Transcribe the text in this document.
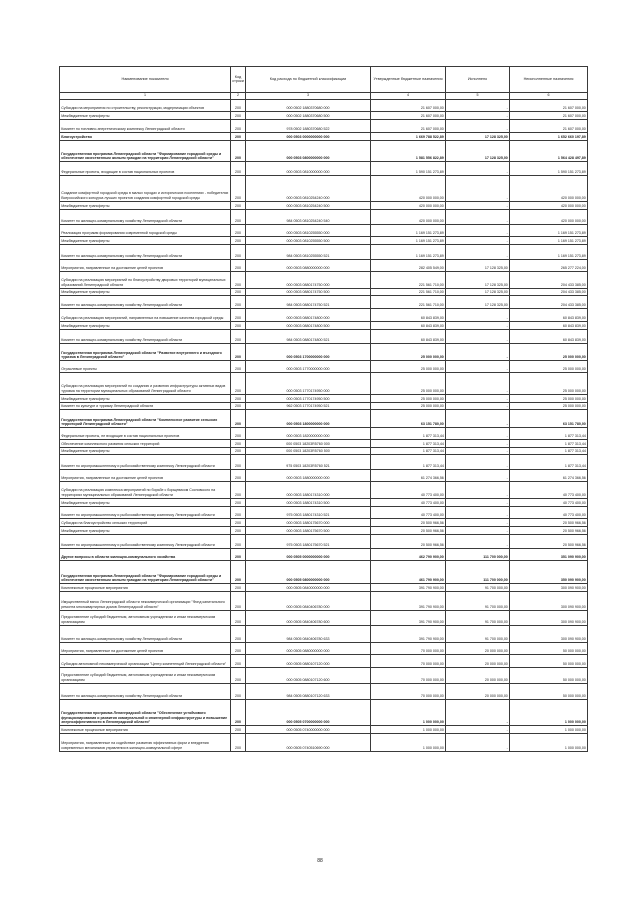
Наименование показателя	Код строки	Код расхода по бюджетной классификации	Утвержденные бюджетные назначения	Исполнено	Неисполненные назначения
1	2	3	4	5	6
Субсидии на мероприятия по строительству, реконструкции, модернизации объектов	200	000 0502 1880370680 000	21 607 000,00	-	21 607 000,00
Межбюджетные трансферты	200	000 0502 1880370680 500	21 607 000,00	-	21 607 000,00
Комитет по топливно-энергетическому комплексу Ленинградской области	200	978 0502 1880370680 522	21 607 000,00	-	21 607 000,00
Благоустройство	200	000 0503 0000000000 000	1 669 788 522,89	17 128 325,00	1 652 660 197,89
Государственная программа Ленинградской области "Формирование городской среды и обеспечение качественным жильем граждан на территории Ленинградской области"	200	000 0503 0800000000 000	1 581 556 822,89	17 128 325,00	1 564 428 497,89
Федеральные проекты, входящие в состав национальных проектов	200	000 0503 0810000000 000	1 590 151 273,89	-	1 590 151 273,89
Создание комфортной городской среды в малых городах и исторических поселениях - победителях Всероссийского конкурса лучших проектов создания комфортной городской среды	200	000 0503 0810254240 000	420 000 000,00	-	420 000 000,00
Межбюджетные трансферты	200	000 0503 0810254240 500	420 000 000,00	-	420 000 000,00
Комитет по жилищно-коммунальному хозяйству Ленинградской области	200	984 0503 0810254240 540	420 000 000,00	-	420 000 000,00
Реализация программ формирования современной городской среды	200	000 0503 0810255550 000	1 169 151 273,89	-	1 169 151 273,89
Межбюджетные трансферты	200	000 0503 0810255550 500	1 169 151 273,89	-	1 169 151 273,89
Комитет по жилищно-коммунальному хозяйству Ленинградской области	200	984 0503 0810255550 521	1 169 151 273,89	-	1 169 151 273,89
Мероприятия, направленные на достижение целей проектов	200	000 0503 0880000000 000	282 405 549,00	17 128 325,00	265 277 224,00
Субсидии на реализацию мероприятий по благоустройству дворовых территорий муниципальных образований Ленинградской области	200	000 0503 0880174750 000	221 561 710,00	17 128 325,00	204 433 385,00
Межбюджетные трансферты	200	000 0503 0880174750 500	221 561 710,00	17 128 325,00	204 433 385,00
Комитет по жилищно-коммунальному хозяйству Ленинградской области	200	984 0503 0880174750 521	221 561 710,00	17 128 325,00	204 433 385,00
Субсидии на реализацию мероприятий, направленных на повышение качества городской среды	200	000 0503 0880174800 000	60 843 839,00	-	60 843 839,00
Межбюджетные трансферты	200	000 0503 0880174800 500	60 843 839,00	-	60 843 839,00
Комитет по жилищно-коммунальному хозяйству Ленинградской области	200	984 0503 0880174800 521	60 843 839,00	-	60 843 839,00
Государственная программа Ленинградской области "Развитие внутреннего и въездного туризма в Ленинградской области"	200	000 0503 1700000000 000	25 000 000,00	-	25 000 000,00
Отраслевые проекты	200	000 0503 1770000000 000	25 000 000,00	-	25 000 000,00
Субсидии на реализацию мероприятий по созданию и развитию инфраструктуры активных видов туризма на территории муниципальных образований Ленинградской области	200	000 0503 1770174950 000	25 000 000,00	-	25 000 000,00
Межбюджетные трансферты	200	000 0503 1770174950 500	25 000 000,00	-	25 000 000,00
Комитет по культуре и туризму Ленинградской области	200	962 0503 1770174950 521	25 000 000,00	-	25 000 000,00
Государственная программа Ленинградской области "Комплексное развитие сельских территорий Ленинградской области"	200	000 0503 1800000000 000	63 151 780,00	-	63 151 780,00
Федеральные проекты, не входящие в состав национальных проектов	200	000 0503 1820000000 000	1 877 313,44	-	1 877 313,44
Обеспечение комплексного развития сельских территорий	200	000 0503 18203R5760 000	1 877 313,44	-	1 877 313,44
Межбюджетные трансферты	200	000 0503 18203R5760 500	1 877 313,44	-	1 877 313,44
Комитет по агропромышленному и рыбохозяйственному комплексу Ленинградской области	200	975 0503 18203R5760 521	1 877 313,44	-	1 877 313,44
Мероприятия, направленные на достижение целей проектов	200	000 0503 1880000000 000	61 274 366,56	-	61 274 366,56
Субсидии на реализацию комплекса мероприятий по борьбе с борщевиком Сосновского на территориях муниципальных образований Ленинградской области	200	000 0503 1880174310 000	40 773 400,00	-	40 773 400,00
Межбюджетные трансферты	200	000 0503 1880174310 500	40 773 400,00	-	40 773 400,00
Комитет по агропромышленному и рыбохозяйственному комплексу Ленинградской области	200	975 0503 1880174310 521	40 773 400,00	-	40 773 400,00
Субсидии на благоустройство сельских территорий	200	000 0503 1880175670 000	20 500 966,56	-	20 500 966,56
Межбюджетные трансферты	200	000 0503 1880175670 500	20 500 966,56	-	20 500 966,56
Комитет по агропромышленному и рыбохозяйственному комплексу Ленинградской области	200	975 0503 1880175670 521	20 500 966,56	-	20 500 966,56
Другие вопросы в области жилищно-коммунального хозяйства	200	000 0505 0000000000 000	462 790 900,00	111 700 000,00	351 090 900,00
Государственная программа Ленинградской области "Формирование городской среды и обеспечение качественным жильем граждан на территории Ленинградской области"	200	000 0505 0800000000 000	461 790 900,00	111 700 000,00	350 090 900,00
Комплексные процессные мероприятия	200	000 0505 0840000000 000	391 790 900,00	91 700 000,00	300 090 900,00
Имущественный взнос Ленинградской области некоммерческой организации "Фонд капитального ремонта многоквартирных домов Ленинградской области"	200	000 0505 0840406780 000	391 790 900,00	91 700 000,00	300 090 900,00
Предоставление субсидий бюджетным, автономным учреждениям и иным некоммерческим организациям	200	000 0505 0840406780 600	391 790 900,00	91 700 000,00	300 090 900,00
Комитет по жилищно-коммунальному хозяйству Ленинградской области	200	984 0505 0840406780 633	391 790 900,00	91 700 000,00	300 090 900,00
Мероприятия, направленные на достижение целей проектов	200	000 0505 0880000000 000	70 000 000,00	20 000 000,00	50 000 000,00
Субсидия автономной некоммерческой организации "Центр компетенций Ленинградской области"	200	000 0505 0880107120 000	70 000 000,00	20 000 000,00	50 000 000,00
Предоставление субсидий бюджетным, автономным учреждениям и иным некоммерческим организациям	200	000 0505 0880107120 600	70 000 000,00	20 000 000,00	50 000 000,00
Комитет по жилищно-коммунальному хозяйству Ленинградской области	200	984 0505 0880107120 633	70 000 000,00	20 000 000,00	50 000 000,00
Государственная программа Ленинградской области "Обеспечение устойчивого функционирования и развития коммунальной и инженерной инфраструктуры и повышение энергоэффективности в Ленинградской области"	200	000 0505 0700000000 000	1 000 000,00	-	1 000 000,00
Комплексные процессные мероприятия	200	000 0505 0740000000 000	1 000 000,00	-	1 000 000,00
Мероприятия, направленные на содействие развитию эффективных форм и внедрения современных механизмов управления в жилищно-коммунальной сфере	200	000 0505 0740510690 000	1 000 000,00	-	1 000 000,00
88
